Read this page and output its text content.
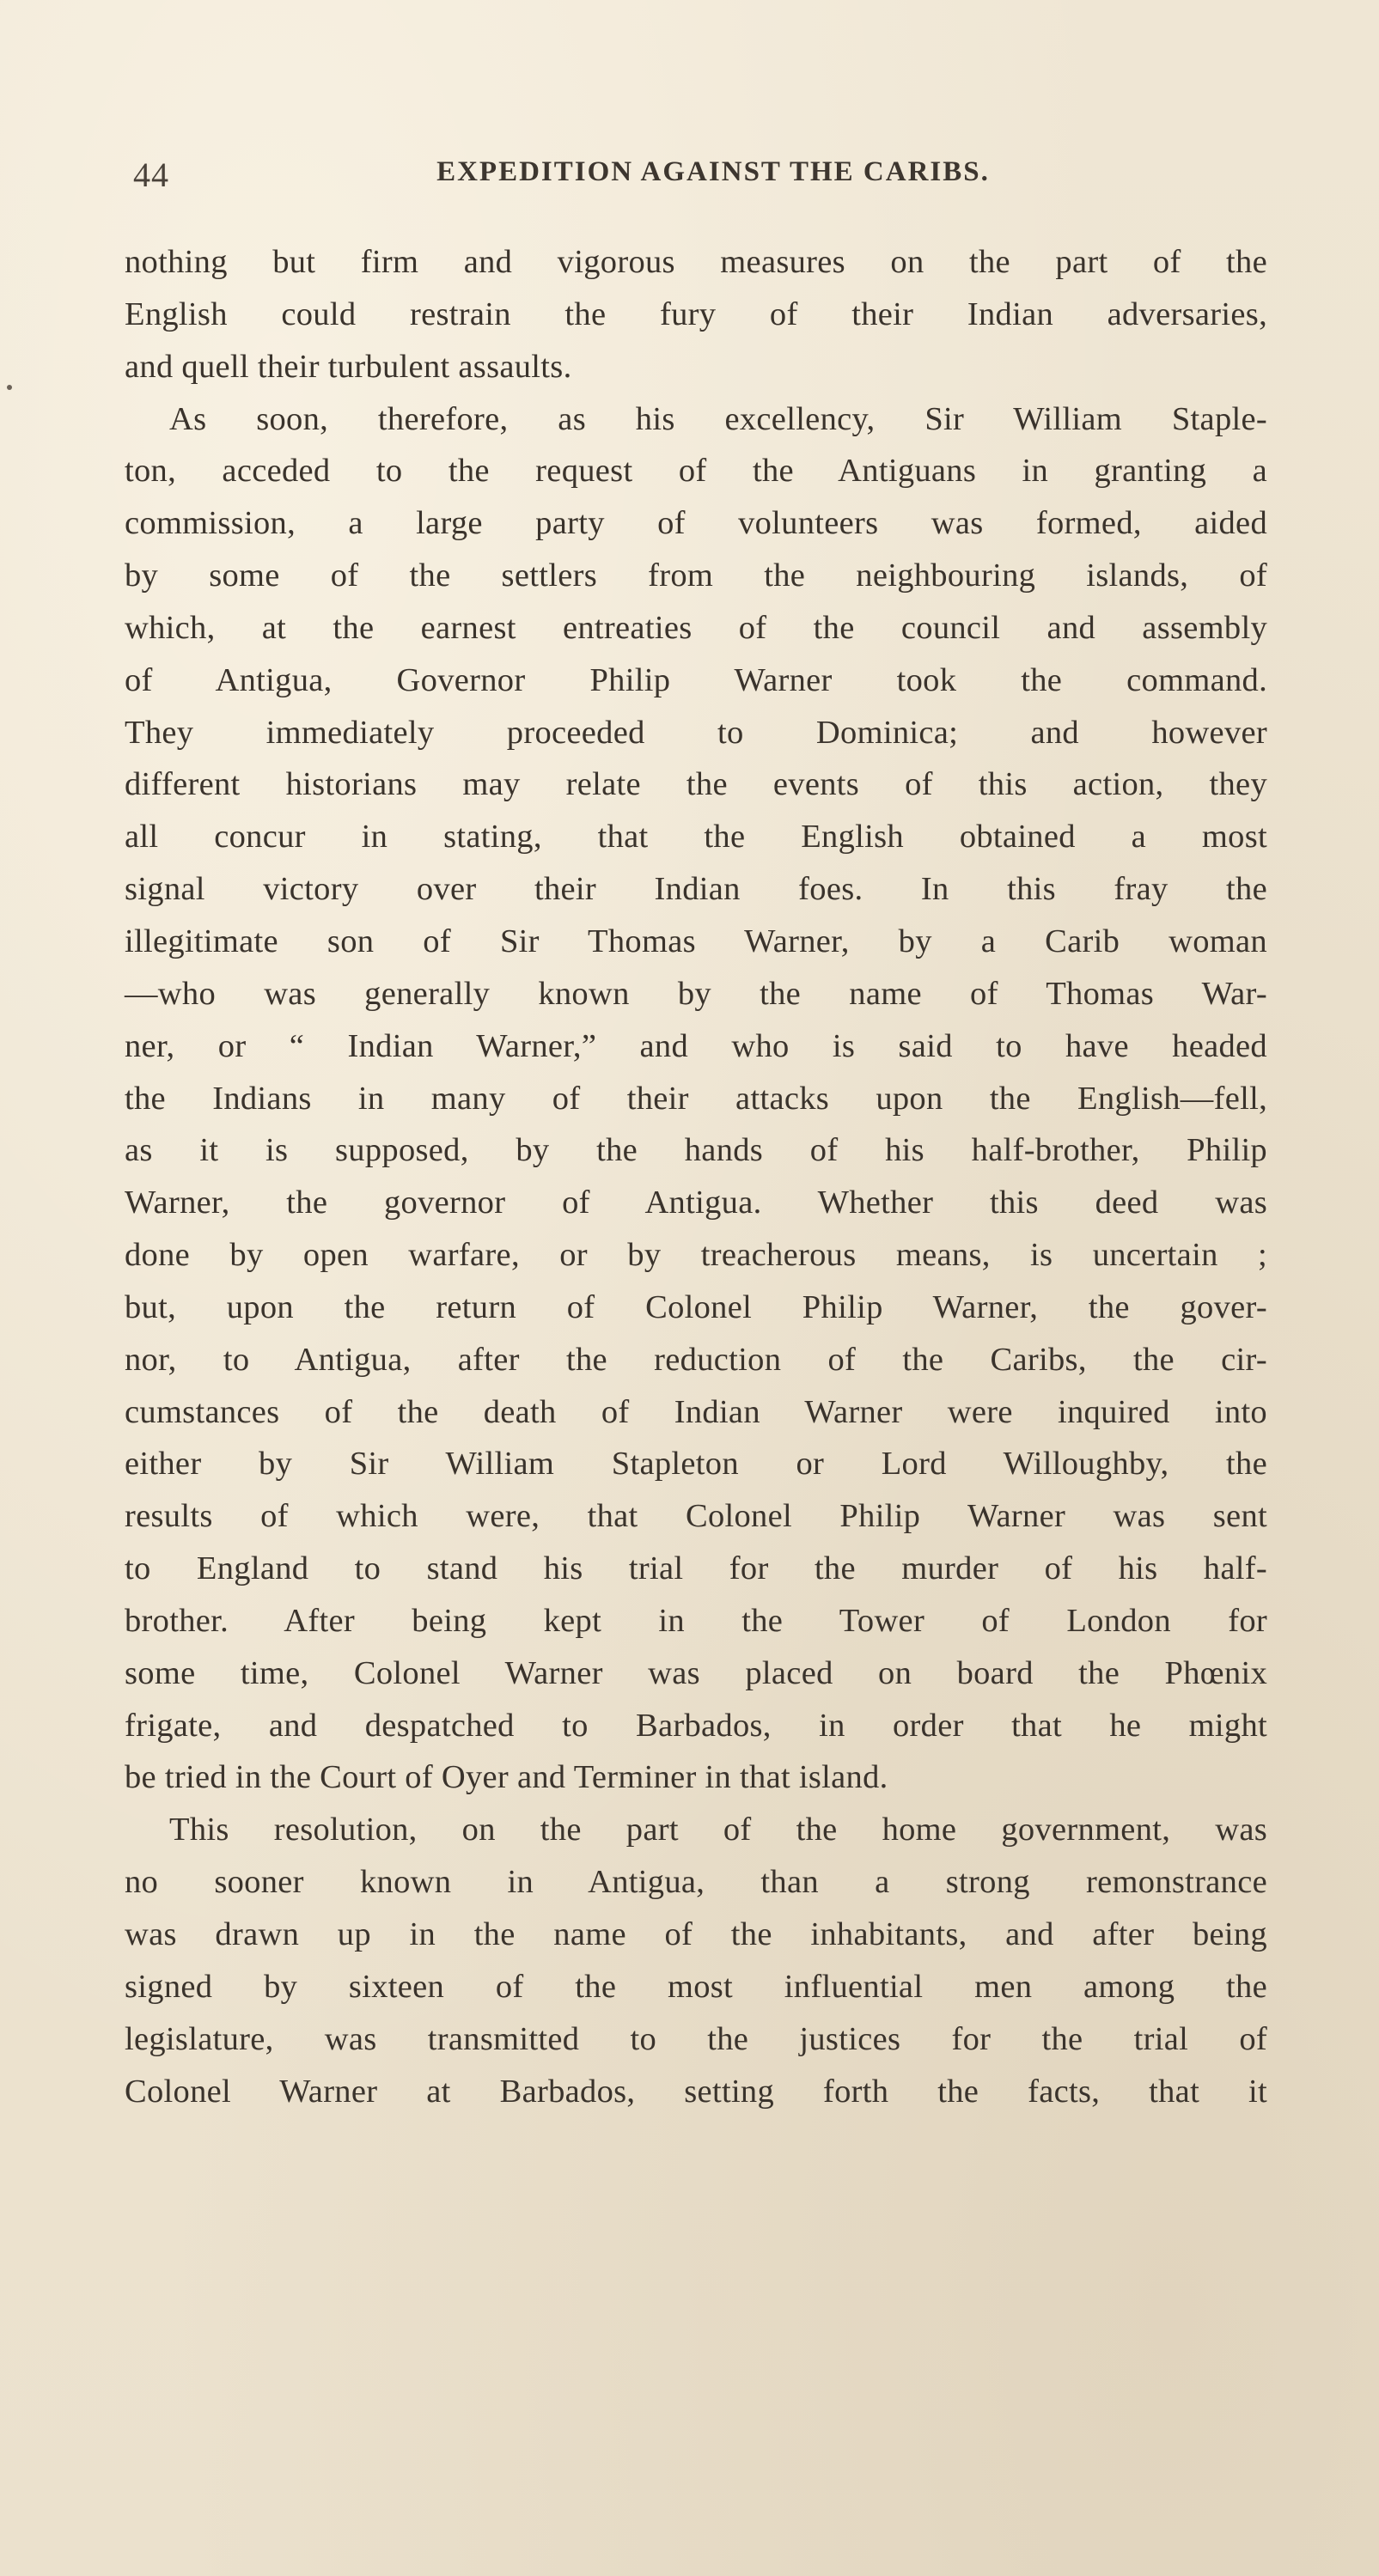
44	EXPEDITION AGAINST THE CARIBS.
nothing but firm and vigorous measures on the part of the
English could restrain the fury of their Indian adversaries,
and quell their turbulent assaults.
As soon, therefore, as his excellency, Sir William Staple-
ton, acceded to the request of the Antiguans in granting a
commission, a large party of volunteers was formed, aided
by some of the settlers from the neighbouring islands, of
which, at the earnest entreaties of the council and assembly
of Antigua, Governor Philip Warner took the command.
They immediately proceeded to Dominica; and however
different historians may relate the events of this action, they
all concur in stating, that the English obtained a most
signal victory over their Indian foes. In this fray the
illegitimate son of Sir Thomas Warner, by a Carib woman
—who was generally known by the name of Thomas War-
ner, or “ Indian Warner,” and who is said to have headed
the Indians in many of their attacks upon the English—fell,
as it is supposed, by the hands of his half-brother, Philip
Warner, the governor of Antigua. Whether this deed was
done by open warfare, or by treacherous means, is uncertain ;
but, upon the return of Colonel Philip Warner, the gover-
nor, to Antigua, after the reduction of the Caribs, the cir-
cumstances of the death of Indian Warner were inquired into
either by Sir William Stapleton or Lord Willoughby, the
results of which were, that Colonel Philip Warner was sent
to England to stand his trial for the murder of his half-
brother. After being kept in the Tower of London for
some time, Colonel Warner was placed on board the Phœnix
frigate, and despatched to Barbados, in order that he might
be tried in the Court of Oyer and Terminer in that island.
This resolution, on the part of the home government, was
no sooner known in Antigua, than a strong remonstrance
was drawn up in the name of the inhabitants, and after being
signed by sixteen of the most influential men among the
legislature, was transmitted to the justices for the trial of
Colonel Warner at Barbados, setting forth the facts, that it
